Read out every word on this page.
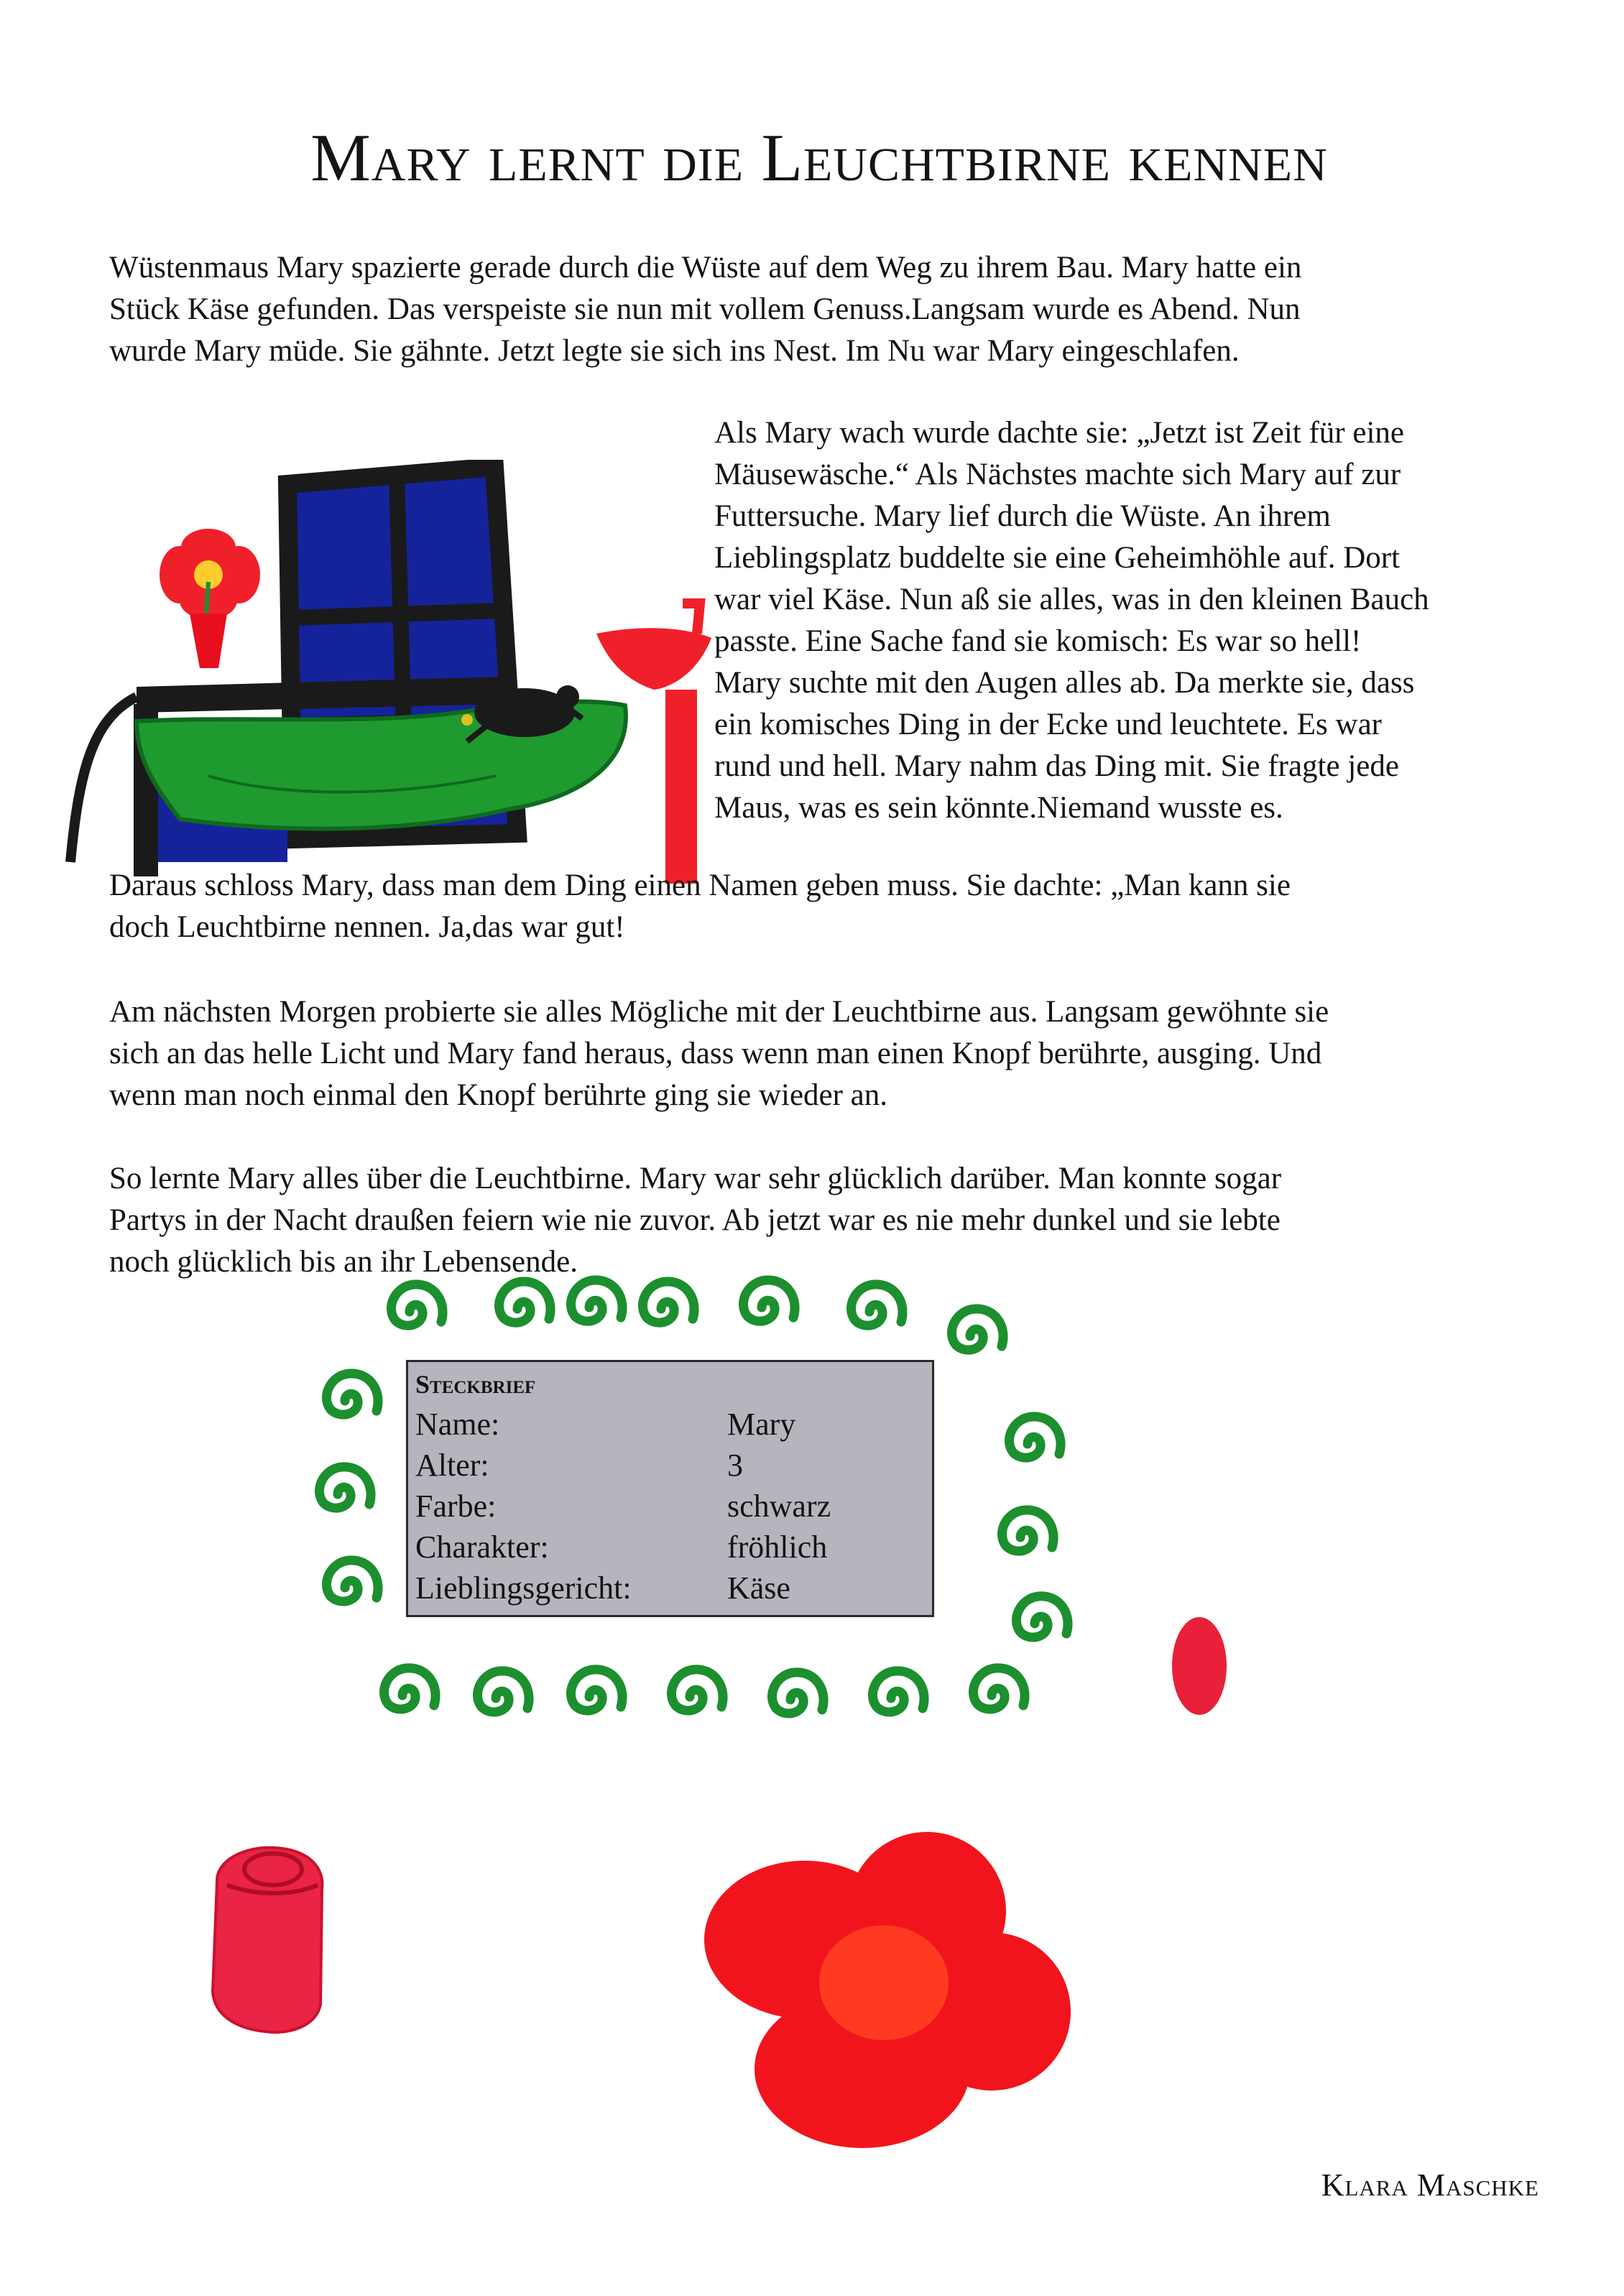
Mary lernt die Leuchtbirne kennen

Wüstenmaus Mary spazierte gerade durch die Wüste auf dem Weg zu ihrem Bau. Mary hatte ein
Stück Käse gefunden. Das verspeiste sie nun mit vollem Genuss.Langsam wurde es Abend. Nun
wurde Mary müde. Sie gähnte. Jetzt legte sie sich ins Nest. Im Nu war Mary eingeschlafen.

Als Mary wach wurde dachte sie: „Jetzt ist Zeit für eine
Mäusewäsche.“ Als Nächstes machte sich Mary auf zur
Futtersuche. Mary lief durch die Wüste. An ihrem
Lieblingsplatz buddelte sie eine Geheimhöhle auf. Dort
war viel Käse. Nun aß sie alles, was in den kleinen Bauch
passte. Eine Sache fand sie komisch: Es war so hell!
Mary suchte mit den Augen alles ab. Da merkte sie, dass
ein komisches Ding in der Ecke und leuchtete. Es war
rund und hell. Mary nahm das Ding mit. Sie fragte jede
Maus, was es sein könnte.Niemand wusste es.

Daraus schloss Mary, dass man dem Ding einen Namen geben muss. Sie dachte: „Man kann sie
doch Leuchtbirne nennen. Ja,das war gut!

Am nächsten Morgen probierte sie alles Mögliche mit der Leuchtbirne aus. Langsam gewöhnte sie
sich an das helle Licht und Mary fand heraus, dass wenn man einen Knopf berührte, ausging. Und
wenn man noch einmal den Knopf berührte ging sie wieder an.

So lernte Mary alles über die Leuchtbirne. Mary war sehr glücklich darüber. Man konnte sogar
Partys in der Nacht draußen feiern wie nie zuvor. Ab jetzt war es nie mehr dunkel und sie lebte
noch glücklich bis an ihr Lebensende.

Steckbrief
Name:	Mary
Alter:	3
Farbe:	schwarz
Charakter:	fröhlich
Lieblingsgericht:	Käse
Klara Maschke
